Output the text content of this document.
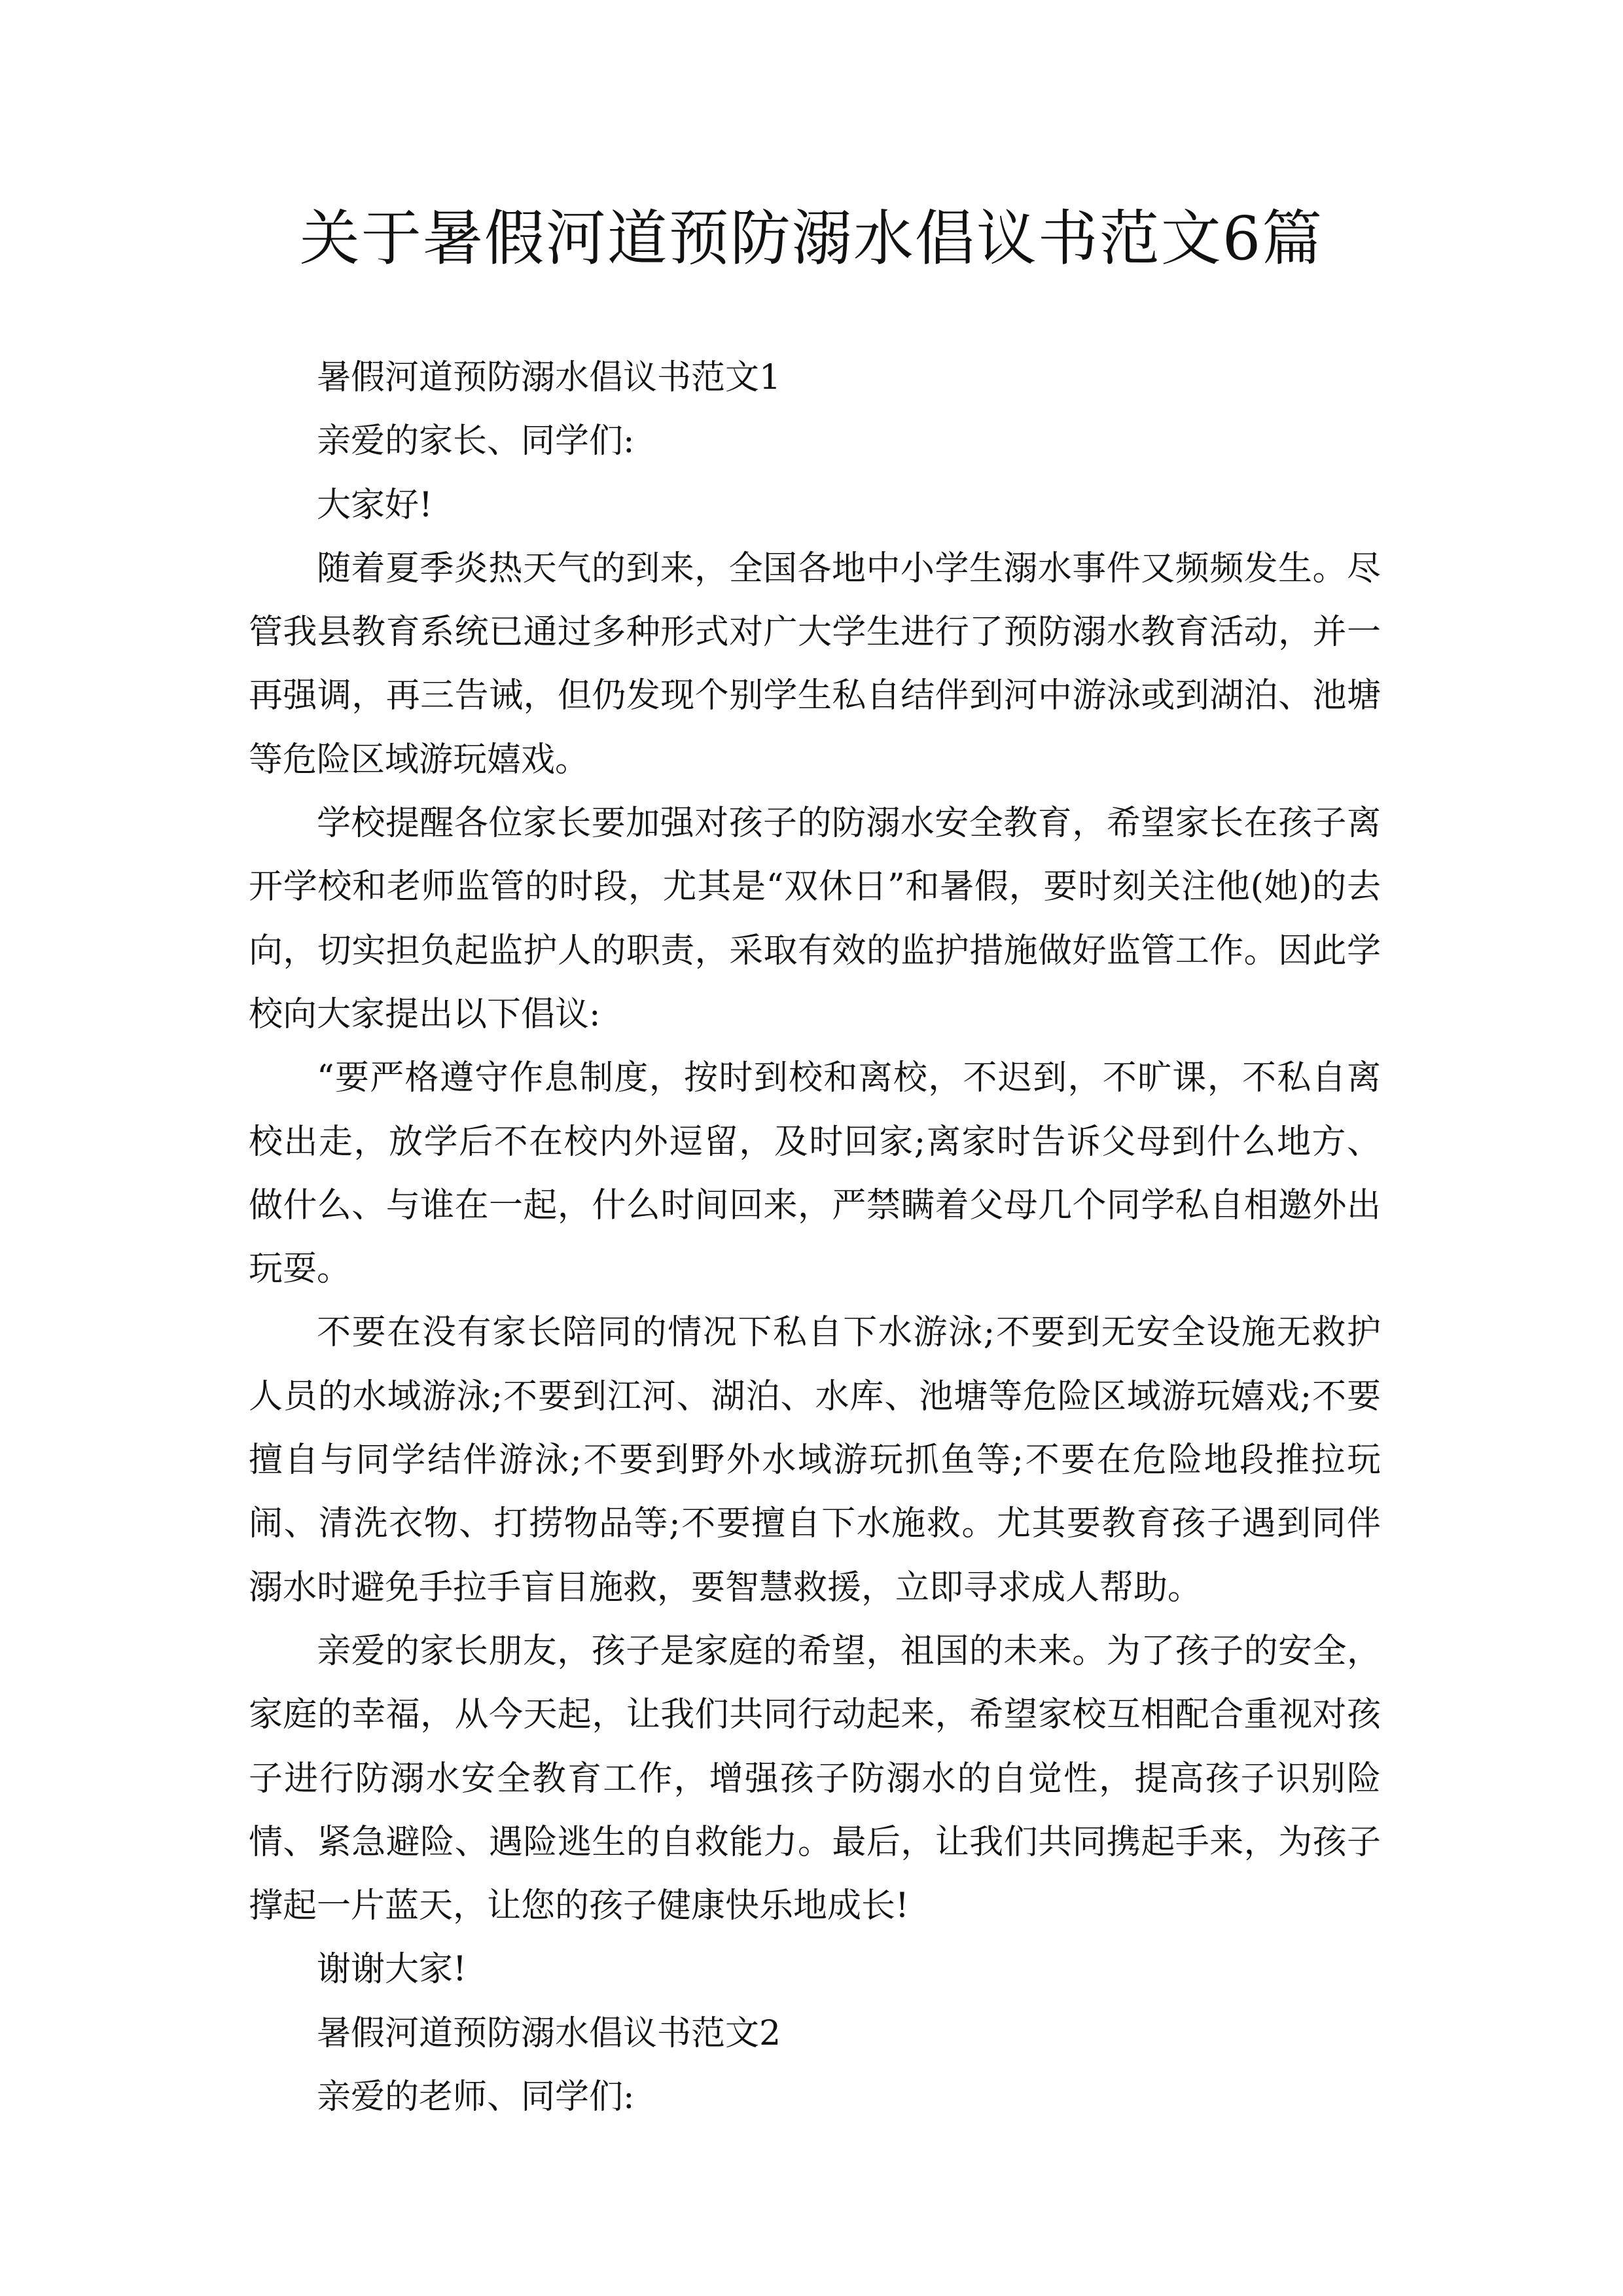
关于暑假河道预防溺水倡议书范文6篇

暑假河道预防溺水倡议书范文1

亲爱的家长、同学们:

大家好!

随着夏季炎热天气的到来，全国各地中小学生溺水事件又频频发生。尽管我县教育系统已通过多种形式对广大学生进行了预防溺水教育活动，并一再强调，再三告诫，但仍发现个别学生私自结伴到河中游泳或到湖泊、池塘等危险区域游玩嬉戏。

学校提醒各位家长要加强对孩子的防溺水安全教育，希望家长在孩子离开学校和老师监管的时段，尤其是“双休日”和暑假，要时刻关注他(她)的去向，切实担负起监护人的职责，采取有效的监护措施做好监管工作。因此学校向大家提出以下倡议:

“要严格遵守作息制度，按时到校和离校，不迟到，不旷课，不私自离校出走，放学后不在校内外逗留，及时回家;离家时告诉父母到什么地方、做什么、与谁在一起，什么时间回来，严禁瞒着父母几个同学私自相邀外出玩耍。

不要在没有家长陪同的情况下私自下水游泳;不要到无安全设施无救护人员的水域游泳;不要到江河、湖泊、水库、池塘等危险区域游玩嬉戏;不要擅自与同学结伴游泳;不要到野外水域游玩抓鱼等;不要在危险地段推拉玩闹、清洗衣物、打捞物品等;不要擅自下水施救。尤其要教育孩子遇到同伴溺水时避免手拉手盲目施救，要智慧救援，立即寻求成人帮助。

亲爱的家长朋友，孩子是家庭的希望，祖国的未来。为了孩子的安全，家庭的幸福，从今天起，让我们共同行动起来，希望家校互相配合重视对孩子进行防溺水安全教育工作，增强孩子防溺水的自觉性，提高孩子识别险情、紧急避险、遇险逃生的自救能力。最后，让我们共同携起手来，为孩子撑起一片蓝天，让您的孩子健康快乐地成长!

谢谢大家!

暑假河道预防溺水倡议书范文2

亲爱的老师、同学们:
